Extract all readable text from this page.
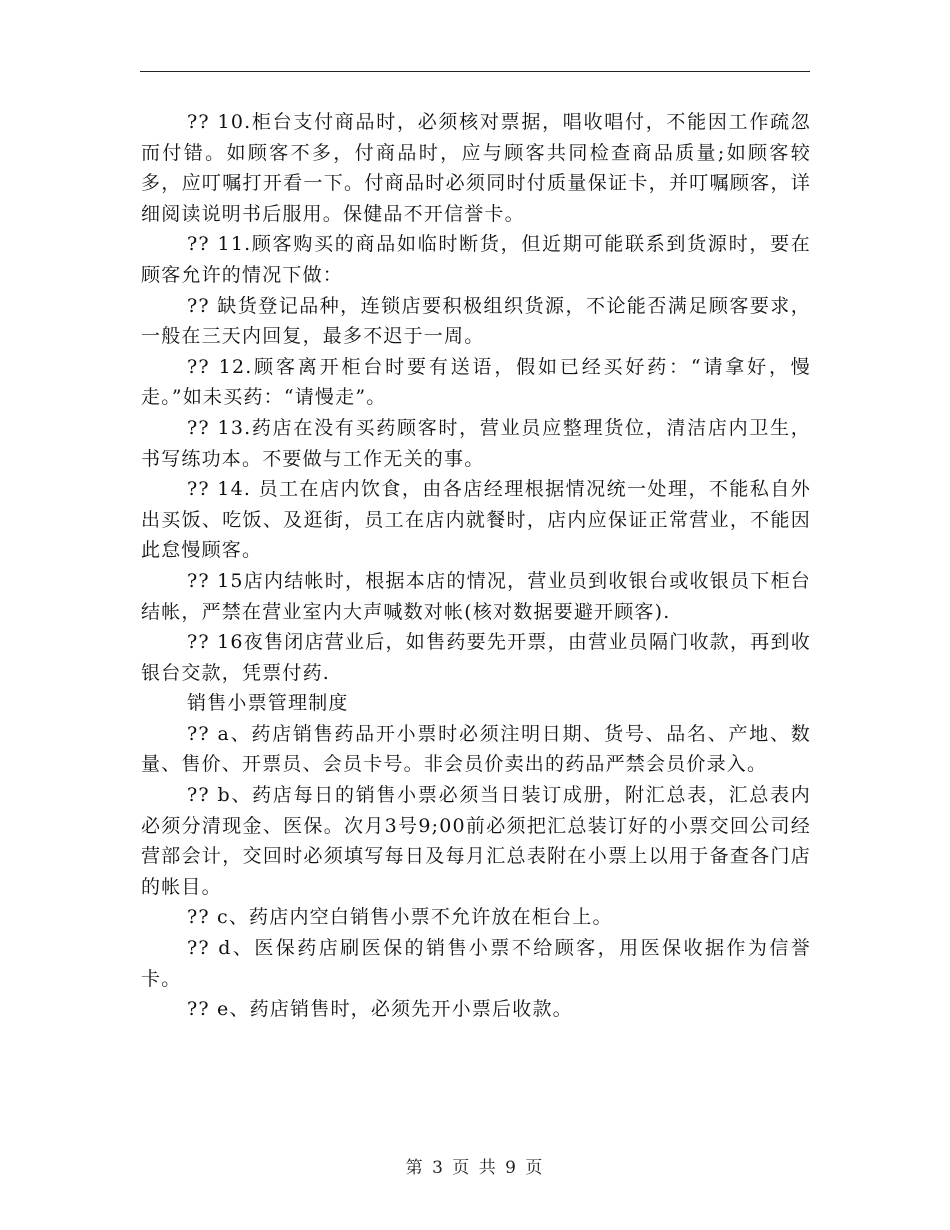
?? 10.柜台支付商品时，必须核对票据，唱收唱付，不能因工作疏忽而付错。如顾客不多，付商品时，应与顾客共同检查商品质量;如顾客较多，应叮嘱打开看一下。付商品时必须同时付质量保证卡，并叮嘱顾客，详细阅读说明书后服用。保健品不开信誉卡。

?? 11.顾客购买的商品如临时断货，但近期可能联系到货源时，要在顾客允许的情况下做：

?? 缺货登记品种，连锁店要积极组织货源，不论能否满足顾客要求，一般在三天内回复，最多不迟于一周。

?? 12.顾客离开柜台时要有送语，假如已经买好药：“请拿好，慢走。”如未买药：“请慢走”。

?? 13.药店在没有买药顾客时，营业员应整理货位，清洁店内卫生，书写练功本。不要做与工作无关的事。

?? 14. 员工在店内饮食，由各店经理根据情况统一处理，不能私自外出买饭、吃饭、及逛街，员工在店内就餐时，店内应保证正常营业，不能因此怠慢顾客。

?? 15店内结帐时，根据本店的情况，营业员到收银台或收银员下柜台结帐，严禁在营业室内大声喊数对帐(核对数据要避开顾客).

?? 16夜售闭店营业后，如售药要先开票，由营业员隔门收款，再到收银台交款，凭票付药.

销售小票管理制度

?? a、药店销售药品开小票时必须注明日期、货号、品名、产地、数量、售价、开票员、会员卡号。非会员价卖出的药品严禁会员价录入。

?? b、药店每日的销售小票必须当日装订成册，附汇总表，汇总表内必须分清现金、医保。次月3号9;00前必须把汇总装订好的小票交回公司经营部会计，交回时必须填写每日及每月汇总表附在小票上以用于备查各门店的帐目。

?? c、药店内空白销售小票不允许放在柜台上。

?? d、医保药店刷医保的销售小票不给顾客，用医保收据作为信誉卡。

?? e、药店销售时，必须先开小票后收款。

第 3 页 共 9 页
